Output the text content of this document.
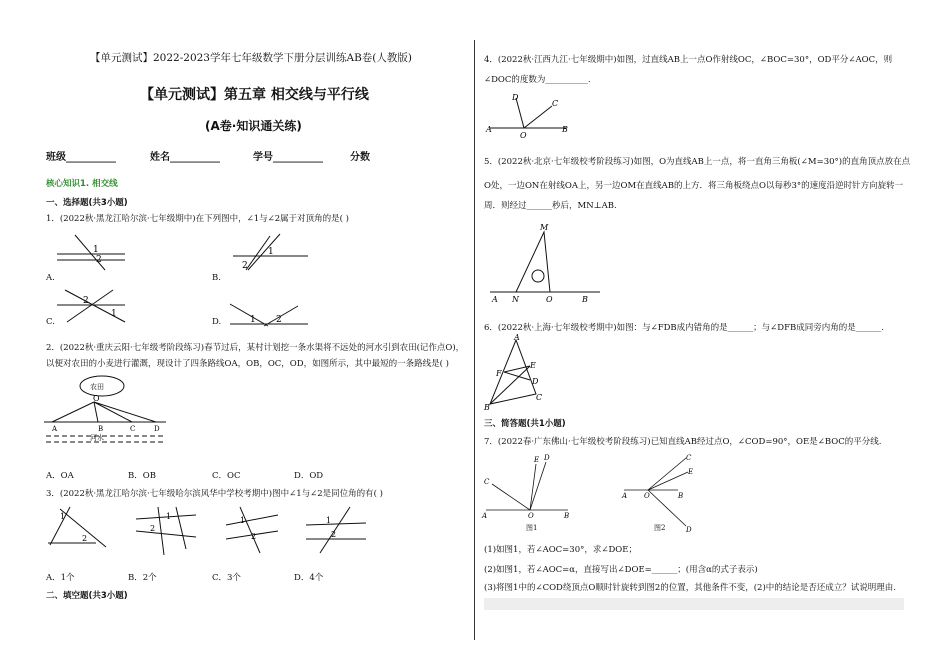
【单元测试】2022-2023学年七年级数学下册分层训练AB卷(人教版)
【单元测试】第五章 相交线与平行线
(A卷·知识通关练)
班级__________	姓名__________	学号__________	分数
核心知识1. 相交线
一、选择题(共3小题)
1．(2022秋·黑龙江哈尔滨·七年级期中)在下列图中，∠1与∠2属于对顶角的是( )
1
2
A.
2
1
B.
2
1
C.	1 2
D.
2．(2022秋·重庆云阳·七年级考阶段练习)春节过后，某村计划挖一条水渠将不远处的河水引到农田(记作点O)，
以便对农田的小麦进行灌溉，现设计了四条路线OA，OB，OC，OD，如图所示，其中最短的一条路线是( )
O
A	B	C	D
农田
河水
A．OA	B．OB	C．OC	D．OD
3．(2022秋·黑龙江哈尔滨·七年级哈尔滨风华中学校考期中)图中∠1与∠2是同位角的有( )
1
2
2
1	1
2
1
2
A．1个	B．2个	C．3个	D．4个
二、填空题(共3小题)
4．(2022秋·江西九江·七年级期中)如图，过直线AB上一点O作射线OC，∠BOC=30°，OD平分∠AOC，则
∠DOC的度数为__________.
A	B
O
D
C
5．(2022秋·北京·七年级校考阶段练习)如图，O为直线AB上一点，将一直角三角板(∠M=30°)的直角顶点放在点
O处，一边ON在射线OA上，另一边OM在直线AB的上方．将三角板绕点O以每秒3°的速度沿逆时针方向旋转一
周．则经过______秒后，MN⊥AB.
A N	O	B
M
6．(2022秋·上海·七年级校考期中)如图：与∠FDB成内错角的是______；与∠DFB成同旁内角的是______.
A
F
E
D
B
C
三、简答题(共1小题)
7．(2022春·广东佛山·七年级校考阶段练习)已知直线AB经过点O，∠COD=90°，OE是∠BOC的平分线.
A	B
O
C
E D
图1
A	B
O
C
E
D
图2
(1)如图1，若∠AOC=30°，求∠DOE；
(2)如图1，若∠AOC=α，直接写出∠DOE=______；(用含α的式子表示)
(3)将图1中的∠COD绕顶点O顺时针旋转到图2的位置，其他条件不变，(2)中的结论是否还成立？试说明理由.
